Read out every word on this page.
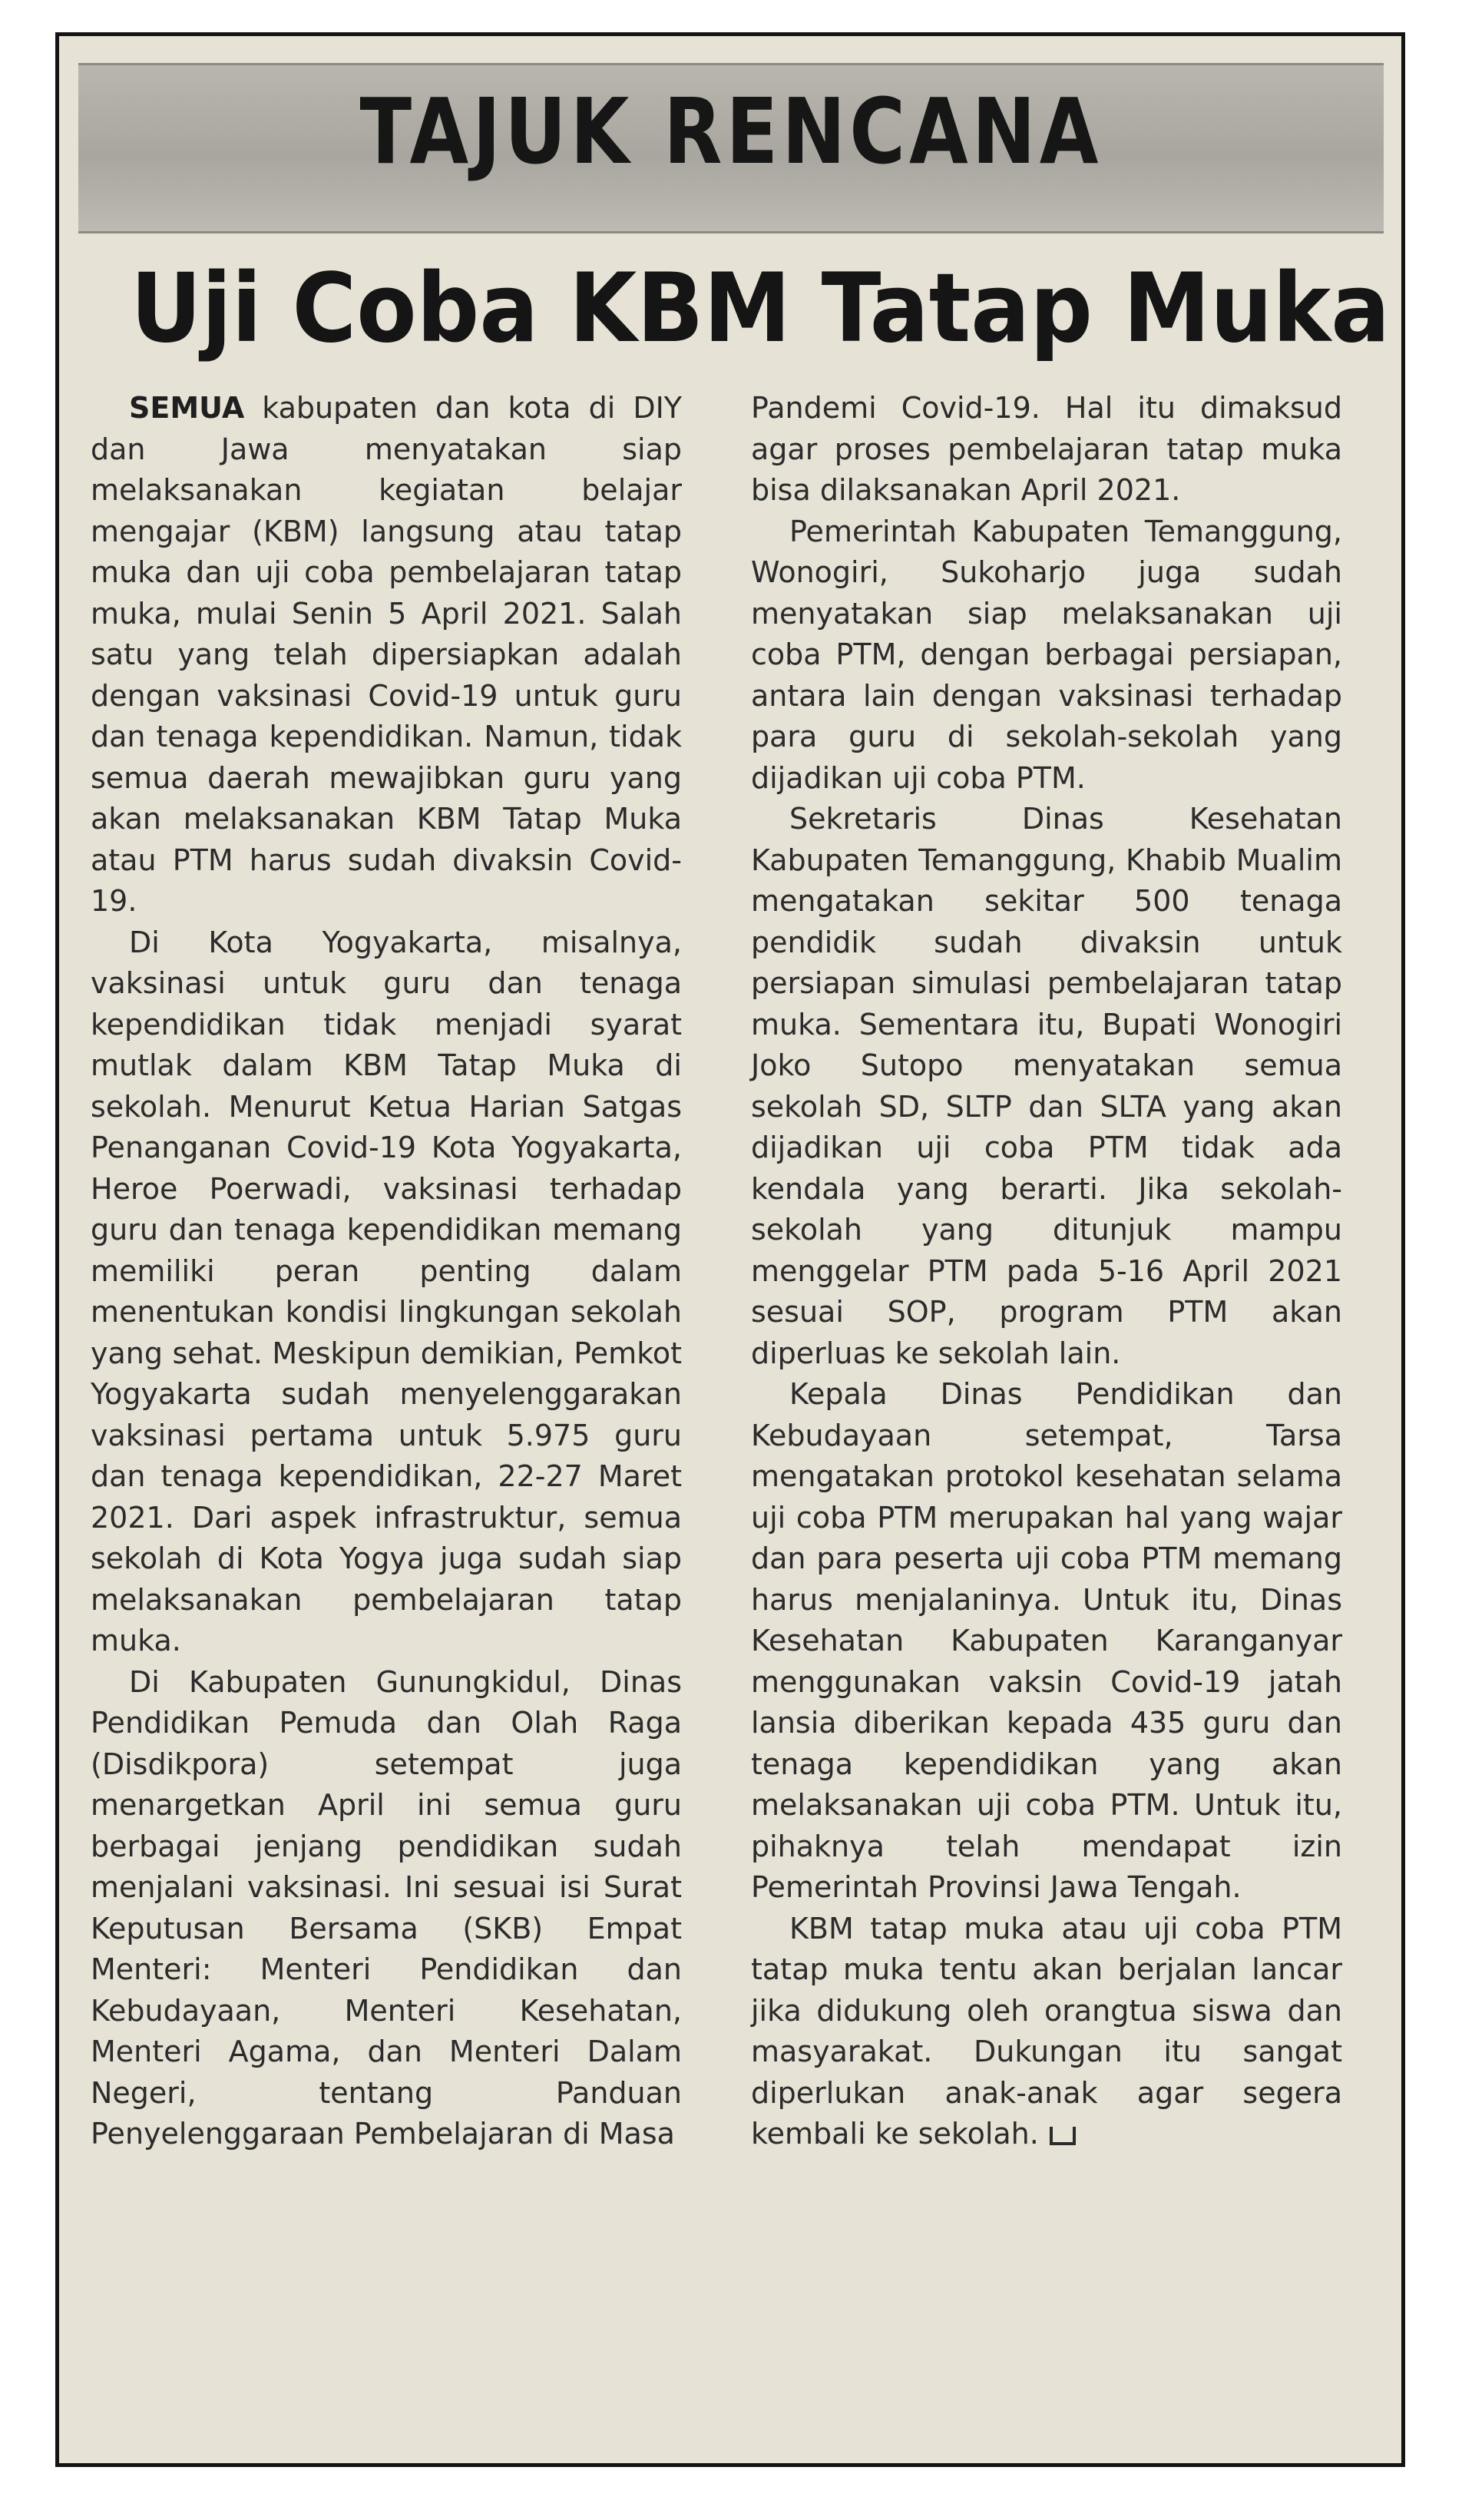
TAJUK RENCANA
Uji Coba KBM Tatap Muka

SEMUA kabupaten dan kota di DIY dan Jawa menyatakan siap melaksanakan kegiatan belajar mengajar (KBM) langsung atau tatap muka dan uji coba pembelajaran tatap muka, mulai Senin 5 April 2021. Salah satu yang telah dipersiapkan adalah dengan vaksinasi Covid-19 untuk guru dan tenaga kependidikan. Namun, tidak semua daerah mewajibkan guru yang akan melaksanakan KBM Tatap Muka atau PTM harus sudah divaksin Covid-19.

Di Kota Yogyakarta, misalnya, vaksinasi untuk guru dan tenaga kependidikan tidak menjadi syarat mutlak dalam KBM Tatap Muka di sekolah. Menurut Ketua Harian Satgas Penanganan Covid-19 Kota Yogyakarta, Heroe Poerwadi, vaksinasi terhadap guru dan tenaga kependidikan memang memiliki peran penting dalam menentukan kondisi lingkungan sekolah yang sehat. Meskipun demikian, Pemkot Yogyakarta sudah menyelenggarakan vaksinasi pertama untuk 5.975 guru dan tenaga kependidikan, 22-27 Maret 2021. Dari aspek infrastruktur, semua sekolah di Kota Yogya juga sudah siap melaksanakan pembelajaran tatap muka.

Di Kabupaten Gunungkidul, Dinas Pendidikan Pemuda dan Olah Raga (Disdikpora) setempat juga menargetkan April ini semua guru berbagai jenjang pendidikan sudah menjalani vaksinasi. Ini sesuai isi Surat Keputusan Bersama (SKB) Empat Menteri: Menteri Pendidikan dan Kebudayaan, Menteri Kesehatan, Menteri Agama, dan Menteri Dalam Negeri, tentang Panduan Penyelenggaraan Pembelajaran di Masa

Pandemi Covid-19. Hal itu dimaksud agar proses pembelajaran tatap muka bisa dilaksanakan April 2021.

Pemerintah Kabupaten Temanggung, Wonogiri, Sukoharjo juga sudah menyatakan siap melaksanakan uji coba PTM, dengan berbagai persiapan, antara lain dengan vaksinasi terhadap para guru di sekolah-sekolah yang dijadikan uji coba PTM.

Sekretaris Dinas Kesehatan Kabupaten Temanggung, Khabib Mualim mengatakan sekitar 500 tenaga pendidik sudah divaksin untuk persiapan simulasi pembelajaran tatap muka. Sementara itu, Bupati Wonogiri Joko Sutopo menyatakan semua sekolah SD, SLTP dan SLTA yang akan dijadikan uji coba PTM tidak ada kendala yang berarti. Jika sekolah-sekolah yang ditunjuk mampu menggelar PTM pada 5-16 April 2021 sesuai SOP, program PTM akan diperluas ke sekolah lain.

Kepala Dinas Pendidikan dan Kebudayaan setempat, Tarsa mengatakan protokol kesehatan selama uji coba PTM merupakan hal yang wajar dan para peserta uji coba PTM memang harus menjalaninya. Untuk itu, Dinas Kesehatan Kabupaten Karanganyar menggunakan vaksin Covid-19 jatah lansia diberikan kepada 435 guru dan tenaga kependidikan yang akan melaksanakan uji coba PTM. Untuk itu, pihaknya telah mendapat izin Pemerintah Provinsi Jawa Tengah.

KBM tatap muka atau uji coba PTM tatap muka tentu akan berjalan lancar jika didukung oleh orangtua siswa dan masyarakat. Dukungan itu sangat diperlukan anak-anak agar segera kembali ke sekolah.
